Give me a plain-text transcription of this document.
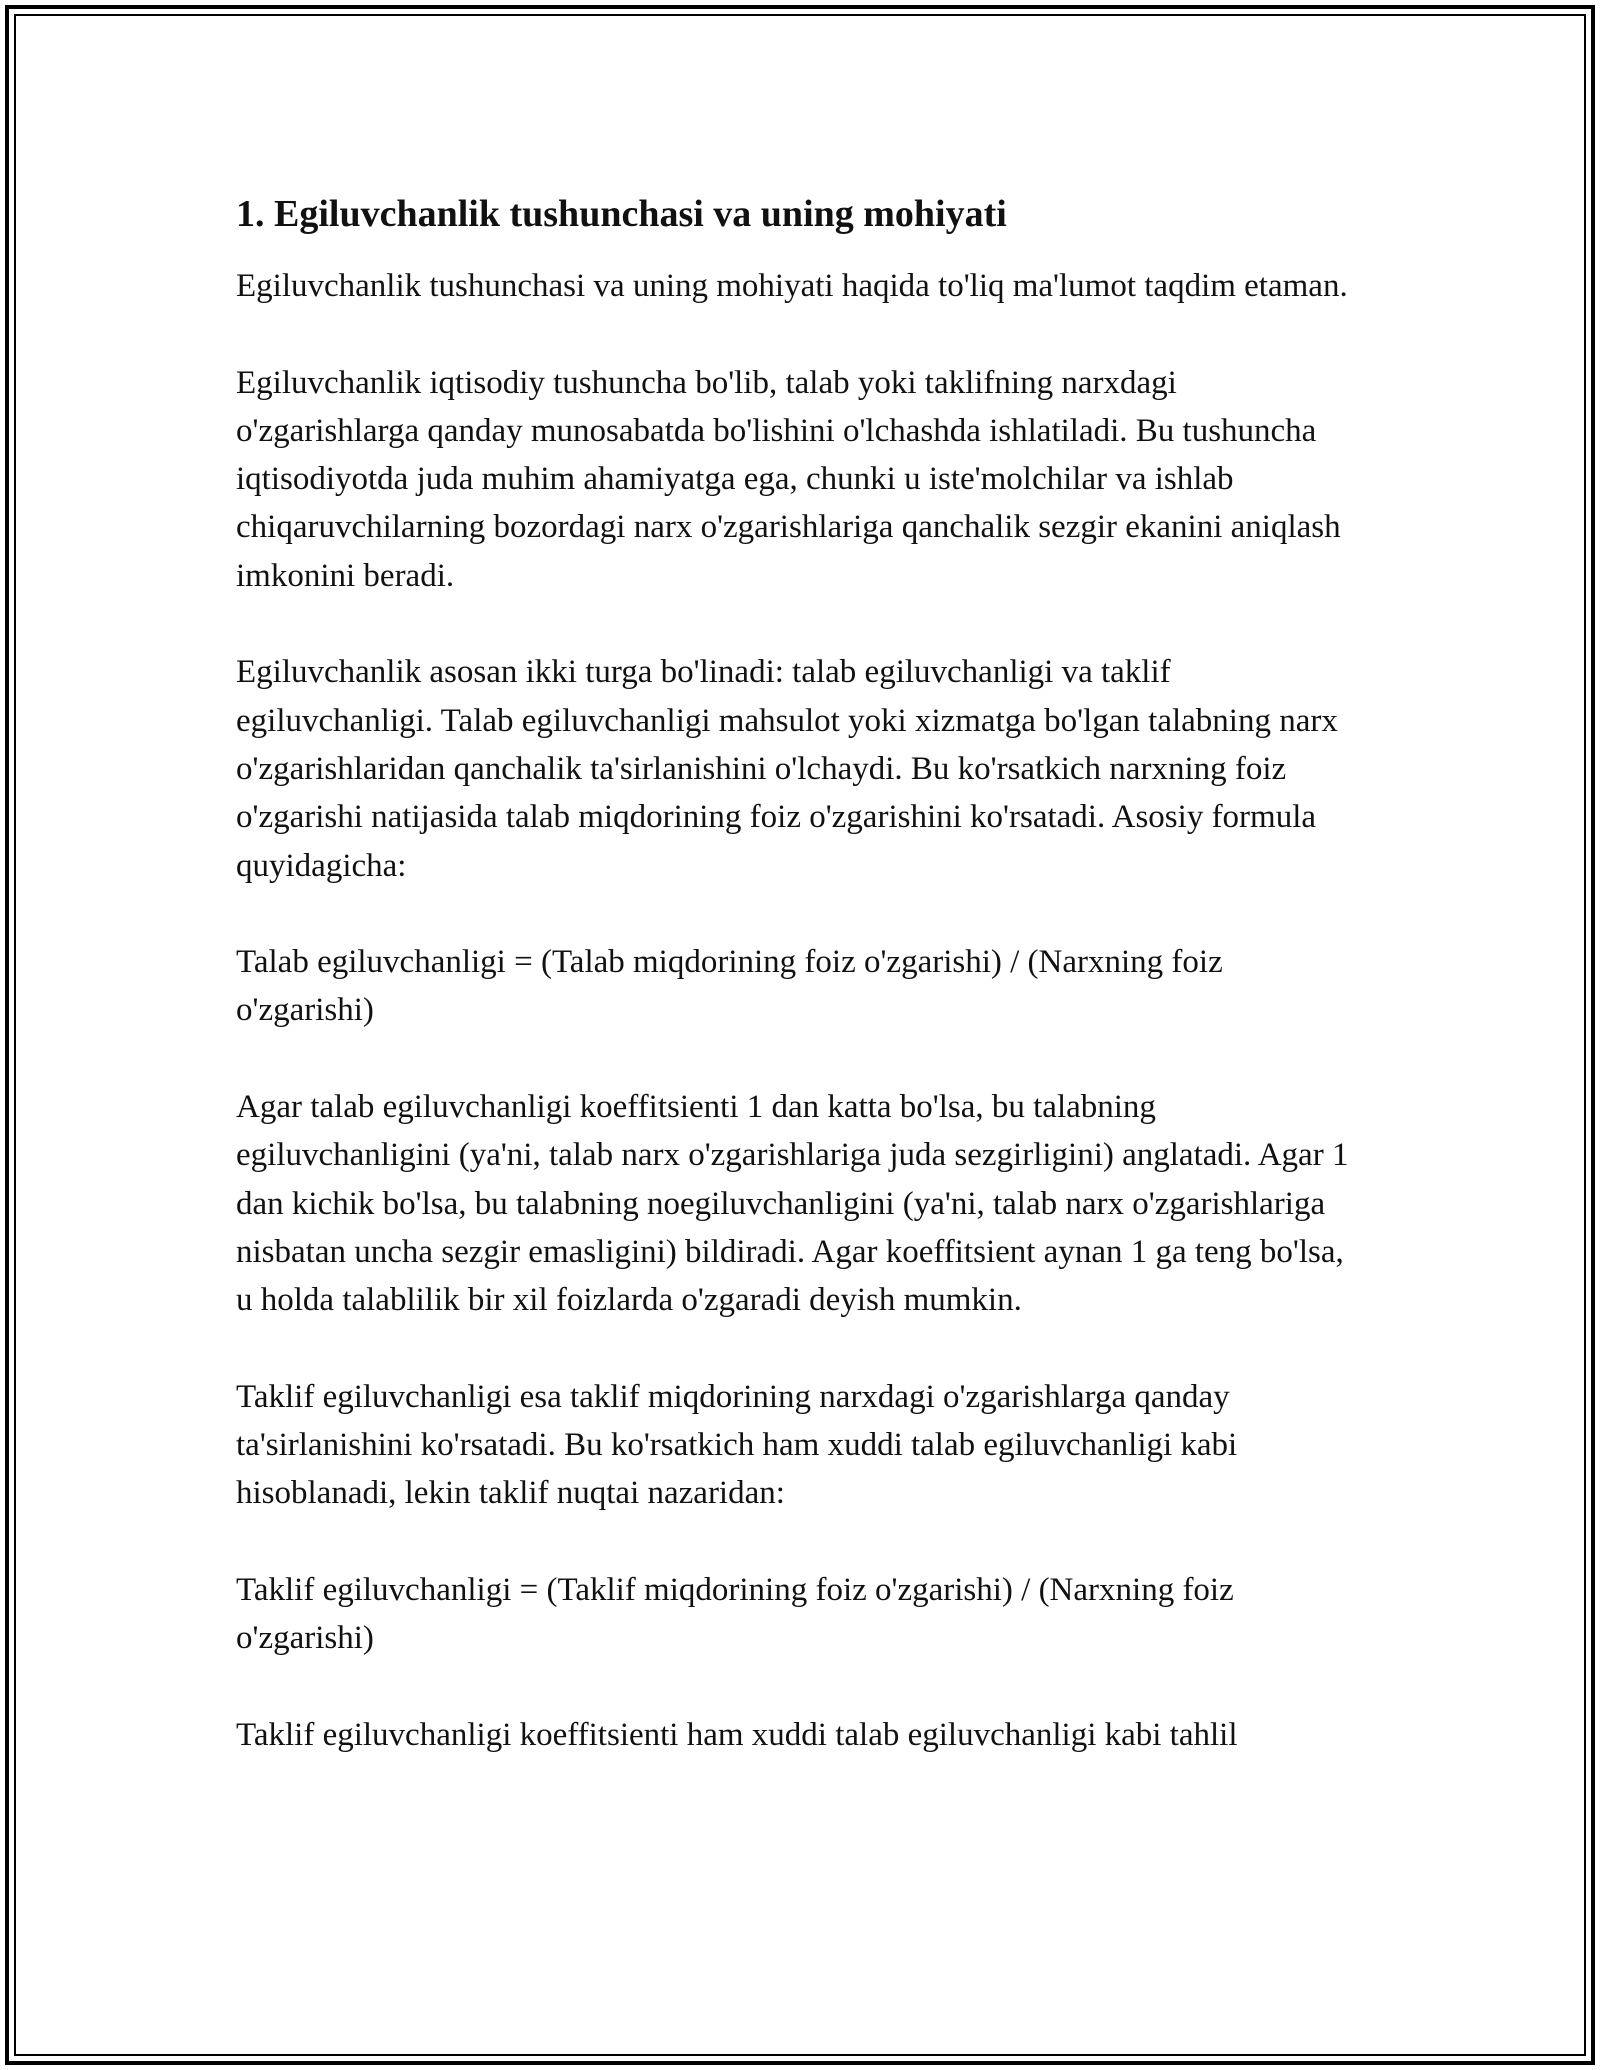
1. Egiluvchanlik tushunchasi va uning mohiyati

Egiluvchanlik tushunchasi va uning mohiyati haqida to'liq ma'lumot taqdim etaman.

Egiluvchanlik iqtisodiy tushuncha bo'lib, talab yoki taklifning narxdagi o'zgarishlarga qanday munosabatda bo'lishini o'lchashda ishlatiladi. Bu tushuncha iqtisodiyotda juda muhim ahamiyatga ega, chunki u iste'molchilar va ishlab chiqaruvchilarning bozordagi narx o'zgarishlariga qanchalik sezgir ekanini aniqlash imkonini beradi.

Egiluvchanlik asosan ikki turga bo'linadi: talab egiluvchanligi va taklif egiluvchanligi. Talab egiluvchanligi mahsulot yoki xizmatga bo'lgan talabning narx o'zgarishlaridan qanchalik ta'sirlanishini o'lchaydi. Bu ko'rsatkich narxning foiz o'zgarishi natijasida talab miqdorining foiz o'zgarishini ko'rsatadi. Asosiy formula quyidagicha:

Talab egiluvchanligi = (Talab miqdorining foiz o'zgarishi) / (Narxning foiz o'zgarishi)

Agar talab egiluvchanligi koeffitsienti 1 dan katta bo'lsa, bu talabning egiluvchanligini (ya'ni, talab narx o'zgarishlariga juda sezgirligini) anglatadi. Agar 1 dan kichik bo'lsa, bu talabning noegiluvchanligini (ya'ni, talab narx o'zgarishlariga nisbatan uncha sezgir emasligini) bildiradi. Agar koeffitsient aynan 1 ga teng bo'lsa, u holda talablilik bir xil foizlarda o'zgaradi deyish mumkin.

Taklif egiluvchanligi esa taklif miqdorining narxdagi o'zgarishlarga qanday ta'sirlanishini ko'rsatadi. Bu ko'rsatkich ham xuddi talab egiluvchanligi kabi hisoblanadi, lekin taklif nuqtai nazaridan:

Taklif egiluvchanligi = (Taklif miqdorining foiz o'zgarishi) / (Narxning foiz o'zgarishi)

Taklif egiluvchanligi koeffitsienti ham xuddi talab egiluvchanligi kabi tahlil
